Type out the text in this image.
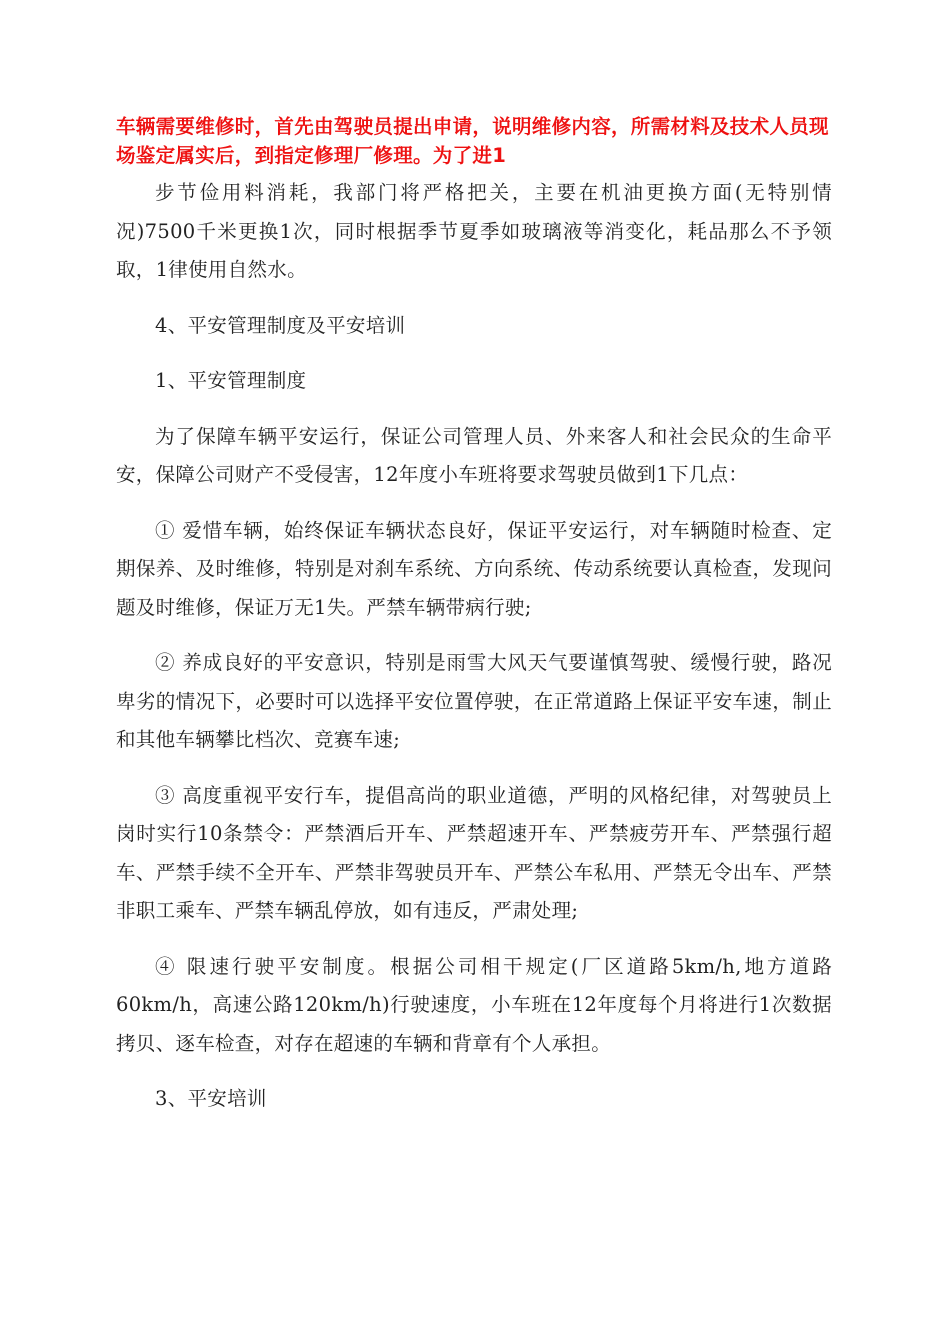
车辆需要维修时，首先由驾驶员提出申请，说明维修内容，所需材料及技术人员现场鉴定属实后，到指定修理厂修理。为了进1

步节俭用料消耗，我部门将严格把关，主要在机油更换方面(无特别情况)7500千米更换1次，同时根据季节夏季如玻璃液等消变化，耗品那么不予领取，1律使用自然水。

4、平安管理制度及平安培训

1、平安管理制度

为了保障车辆平安运行，保证公司管理人员、外来客人和社会民众的生命平安，保障公司财产不受侵害，12年度小车班将要求驾驶员做到1下几点：

① 爱惜车辆，始终保证车辆状态良好，保证平安运行，对车辆随时检查、定期保养、及时维修，特别是对刹车系统、方向系统、传动系统要认真检查，发现问题及时维修，保证万无1失。严禁车辆带病行驶;

② 养成良好的平安意识，特别是雨雪大风天气要谨慎驾驶、缓慢行驶，路况卑劣的情况下，必要时可以选择平安位置停驶，在正常道路上保证平安车速，制止和其他车辆攀比档次、竞赛车速;

③ 高度重视平安行车，提倡高尚的职业道德，严明的风格纪律，对驾驶员上岗时实行10条禁令：严禁酒后开车、严禁超速开车、严禁疲劳开车、严禁强行超车、严禁手续不全开车、严禁非驾驶员开车、严禁公车私用、严禁无令出车、严禁非职工乘车、严禁车辆乱停放，如有违反，严肃处理;

④ 限速行驶平安制度。根据公司相干规定(厂区道路5km/h,地方道路60km/h，高速公路120km/h)行驶速度，小车班在12年度每个月将进行1次数据拷贝、逐车检查，对存在超速的车辆和背章有个人承担。

3、平安培训
